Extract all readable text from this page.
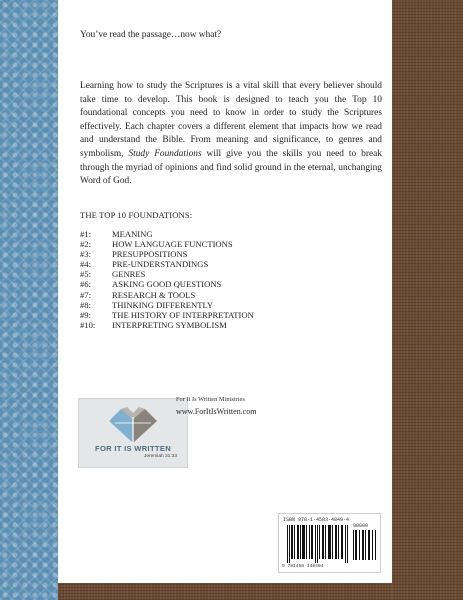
You’ve read the passage…now what?

Learning how to study the Scriptures is a vital skill that every believer should take time to develop. This book is designed to teach you the Top 10 foundational concepts you need to know in order to study the Scriptures effectively. Each chapter covers a different element that impacts how we read and understand the Bible. From meaning and significance, to genres and symbolism, Study Foundations will give you the skills you need to break through the myriad of opinions and find solid ground in the eternal, unchanging Word of God.

THE TOP 10 FOUNDATIONS:
#1: MEANING
#2: HOW LANGUAGE FUNCTIONS
#3: PRESUPPOSITIONS
#4: PRE-UNDERSTANDINGS
#5: GENRES
#6: ASKING GOOD QUESTIONS
#7: RESEARCH & TOOLS
#8: THINKING DIFFERENTLY
#9: THE HISTORY OF INTERPRETATION
#10: INTERPRETING SYMBOLISM
FOR IT IS WRITTEN
Jeremiah 31:33
For It Is Written Ministries
www.ForItIsWritten.com
ISBN 978-1-4583-4849-4
90000
9 781458 348494
